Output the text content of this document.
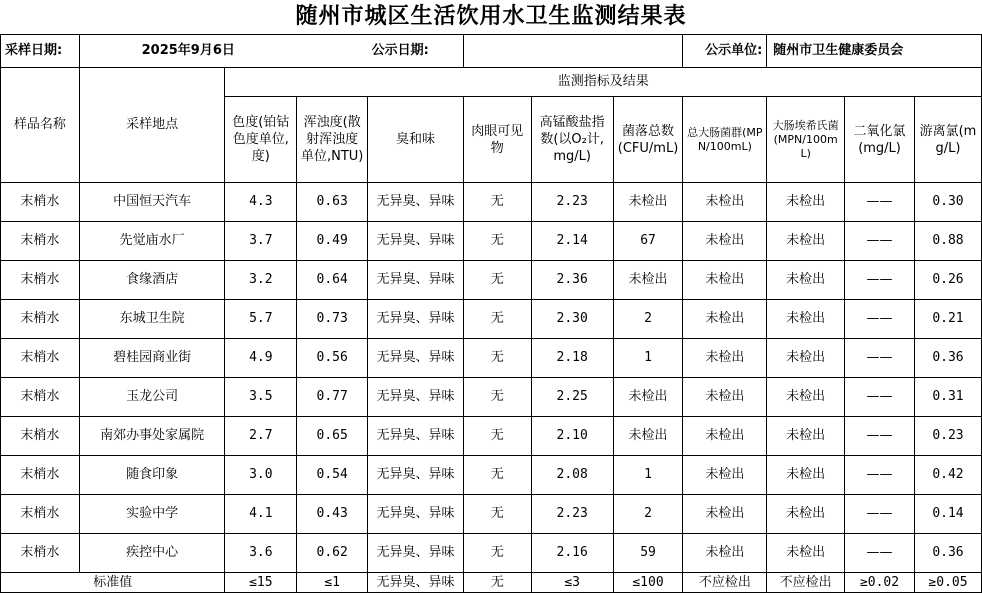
随州市城区生活饮用水卫生监测结果表
采样日期:	2025年9月6日			公示日期:				公示单位:	随州市卫生健康委员会		
样品名称	采样地点	监测指标及结果									
		色度(铂钴色度单位,度)	浑浊度(散射浑浊度单位,NTU)	臭和味	肉眼可见物	高锰酸盐指数(以O₂计,mg/L)	菌落总数(CFU/mL)	总大肠菌群(MPN/100mL)	大肠埃希氏菌(MPN/100mL)	二氧化氯(mg/L)	游离氯(mg/L)
末梢水	中国恒天汽车	4.3	0.63	无异臭、异味	无	2.23	未检出	未检出	未检出	——	0.30
末梢水	先觉庙水厂	3.7	0.49	无异臭、异味	无	2.14	67	未检出	未检出	——	0.88
末梢水	食缘酒店	3.2	0.64	无异臭、异味	无	2.36	未检出	未检出	未检出	——	0.26
末梢水	东城卫生院	5.7	0.73	无异臭、异味	无	2.30	2	未检出	未检出	——	0.21
末梢水	碧桂园商业街	4.9	0.56	无异臭、异味	无	2.18	1	未检出	未检出	——	0.36
末梢水	玉龙公司	3.5	0.77	无异臭、异味	无	2.25	未检出	未检出	未检出	——	0.31
末梢水	南郊办事处家属院	2.7	0.65	无异臭、异味	无	2.10	未检出	未检出	未检出	——	0.23
末梢水	随食印象	3.0	0.54	无异臭、异味	无	2.08	1	未检出	未检出	——	0.42
末梢水	实验中学	4.1	0.43	无异臭、异味	无	2.23	2	未检出	未检出	——	0.14
末梢水	疾控中心	3.6	0.62	无异臭、异味	无	2.16	59	未检出	未检出	——	0.36
标准值		≤15	≤1	无异臭、异味	无	≤3	≤100	不应检出	不应检出	≥0.02	≥0.05
